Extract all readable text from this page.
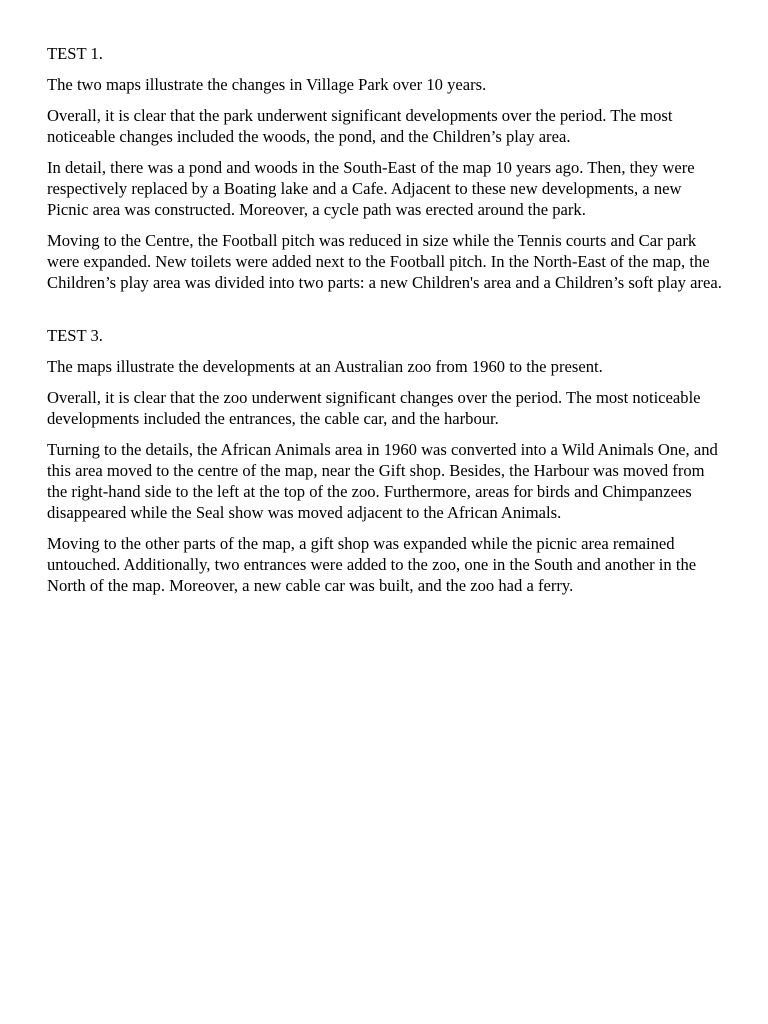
TEST 1.

The two maps illustrate the changes in Village Park over 10 years.

Overall, it is clear that the park underwent significant developments over the period. The most noticeable changes included the woods, the pond, and the Children’s play area.

In detail, there was a pond and woods in the South-East of the map 10 years ago. Then, they were respectively replaced by a Boating lake and a Cafe. Adjacent to these new developments, a new Picnic area was constructed. Moreover, a cycle path was erected around the park.

Moving to the Centre, the Football pitch was reduced in size while the Tennis courts and Car park were expanded. New toilets were added next to the Football pitch. In the North-East of the map, the Children’s play area was divided into two parts: a new Children's area and a Children’s soft play area.

TEST 3.

The maps illustrate the developments at an Australian zoo from 1960 to the present.

Overall, it is clear that the zoo underwent significant changes over the period. The most noticeable developments included the entrances, the cable car, and the harbour.

Turning to the details, the African Animals area in 1960 was converted into a Wild Animals One, and this area moved to the centre of the map, near the Gift shop. Besides, the Harbour was moved from the right-hand side to the left at the top of the zoo. Furthermore, areas for birds and Chimpanzees disappeared while the Seal show was moved adjacent to the African Animals.

Moving to the other parts of the map, a gift shop was expanded while the picnic area remained untouched. Additionally, two entrances were added to the zoo, one in the South and another in the North of the map. Moreover, a new cable car was built, and the zoo had a ferry.
